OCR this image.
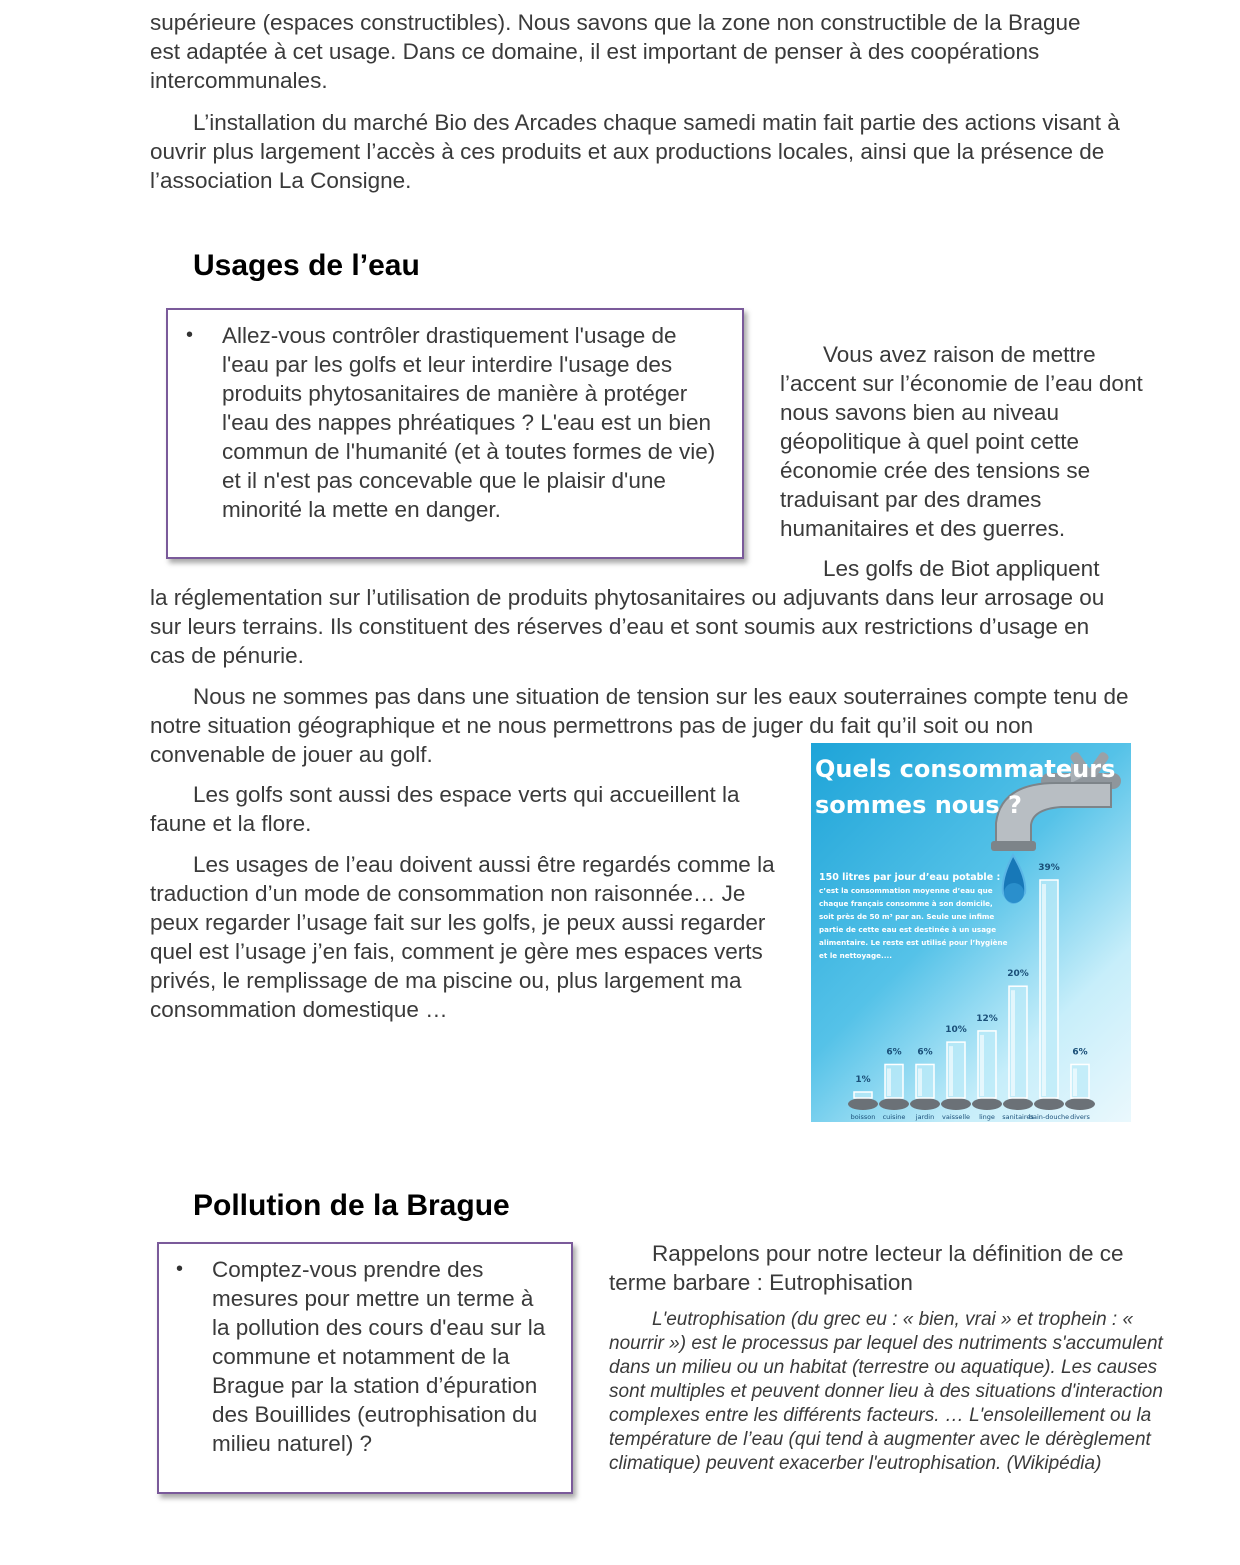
supérieure (espaces constructibles). Nous savons que la zone non constructible de la Brague est adaptée à cet usage. Dans ce domaine, il est important de penser à des coopérations intercommunales.

L’installation du marché Bio des Arcades chaque samedi matin fait partie des actions visant à ouvrir plus largement l’accès à ces produits et aux productions locales, ainsi que la présence de l’association La Consigne.

Usages de l’eau
• Allez-vous contrôler drastiquement l'usage de l'eau par les golfs et leur interdire l'usage des produits phytosanitaires de manière à protéger l'eau des nappes phréatiques ? L'eau est un bien commun de l'humanité (et à toutes formes de vie) et il n'est pas concevable que le plaisir d'une minorité la mette en danger.

Vous avez raison de mettre l’accent sur l’économie de l’eau dont nous savons bien au niveau géopolitique à quel point cette économie crée des tensions se traduisant par des drames humanitaires et des guerres.

Les golfs de Biot appliquent

la réglementation sur l’utilisation de produits phytosanitaires ou adjuvants dans leur arrosage ou sur leurs terrains. Ils constituent des réserves d’eau et sont soumis aux restrictions d’usage en cas de pénurie.

Nous ne sommes pas dans une situation de tension sur les eaux souterraines compte tenu de notre situation géographique et ne nous permettrons pas de juger du fait qu’il soit ou non convenable de jouer au golf.

Les golfs sont aussi des espace verts qui accueillent la faune et la flore.

Les usages de l’eau doivent aussi être regardés comme la traduction d’un mode de consommation non raisonnée… Je peux regarder l’usage fait sur les golfs, je peux aussi regarder quel est l’usage j’en fais, comment je gère mes espaces verts privés, le remplissage de ma piscine ou, plus largement ma consommation domestique …

Quels consommateurs
sommes nous ?
150 litres par jour d’eau potable :
c’est la consommation moyenne d’eau que
chaque français consomme à son domicile,
soit près de 50 m³ par an. Seule une infime
partie de cette eau est destinée à un usage
alimentaire. Le reste est utilisé pour l’hygiène
et le nettoyage....
1%
boisson
6%
cuisine
6%
jardin
10%
vaisselle
12%
linge
20%
sanitaires
39%
bain-douche
6%
divers
Pollution de la Brague
• Comptez-vous prendre des mesures pour mettre un terme à la pollution des cours d'eau sur la commune et notamment de la Brague par la station d’épuration des Bouillides (eutrophisation du milieu naturel) ?

Rappelons pour notre lecteur la définition de ce terme barbare : Eutrophisation

L'eutrophisation (du grec eu : « bien, vrai » et trophein : « nourrir ») est le processus par lequel des nutriments s'accumulent dans un milieu ou un habitat (terrestre ou aquatique). Les causes sont multiples et peuvent donner lieu à des situations d'interaction complexes entre les différents facteurs. … L'ensoleillement ou la température de l’eau (qui tend à augmenter avec le dérèglement climatique) peuvent exacerber l'eutrophisation. (Wikipédia)
